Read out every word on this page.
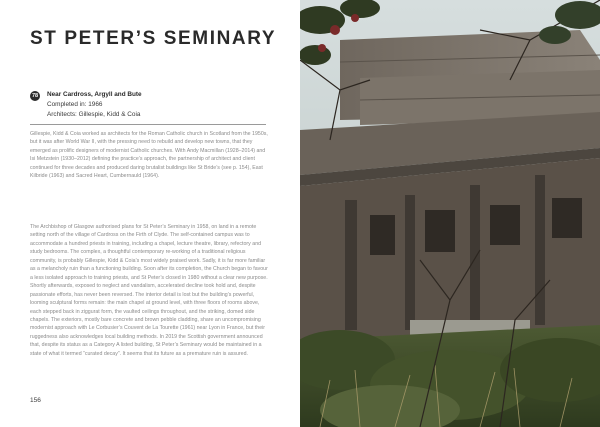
ST PETER’S SEMINARY
78	Near Cardross, Argyll and Bute
Completed in: 1966
Architects: Gillespie, Kidd & Coia

Gillespie, Kidd & Coia worked as architects for the Roman Catholic church in Scotland from the 1950s, but it was after World War II, with the pressing need to rebuild and develop new towns, that they emerged as prolific designers of modernist Catholic churches. With Andy Macmillan (1928–2014) and Isi Metzstein (1930–2012) defining the practice’s approach, the partnership of architect and client continued for three decades and produced daring brutalist buildings like St Bride’s (see p. 154), East Kilbride (1963) and Sacred Heart, Cumbernauld (1964).

The Archbishop of Glasgow authorised plans for St Peter’s Seminary in 1958, on land in a remote setting north of the village of Cardross on the Firth of Clyde. The self-contained campus was to accommodate a hundred priests in training, including a chapel, lecture theatre, library, refectory and study bedrooms. The complex, a thoughtful contemporary re-working of a traditional religious community, is probably Gillespie, Kidd & Coia’s most widely praised work. Sadly, it is far more familiar as a melancholy ruin than a functioning building. Soon after its completion, the Church began to favour a less isolated approach to training priests, and St Peter’s closed in 1980 without a clear new purpose. Shortly afterwards, exposed to neglect and vandalism, accelerated decline took hold and, despite passionate efforts, has never been reversed. The interior detail is lost but the building’s powerful, looming sculptural forms remain: the main chapel at ground level, with three floors of rooms above, each stepped back in ziggurat form, the vaulted ceilings throughout, and the striking, domed side chapels. The exteriors, mostly bare concrete and brown pebble cladding, share an uncompromising modernist approach with Le Corbusier’s Couvent de La Tourette (1961) near Lyon in France, but their ruggedness also acknowledges local building methods. In 2019 the Scottish government announced that, despite its status as a Category A listed building, St Peter’s Seminary would be maintained in a state of what it termed “curated decay”. It seems that its future as a premature ruin is assured.

156
